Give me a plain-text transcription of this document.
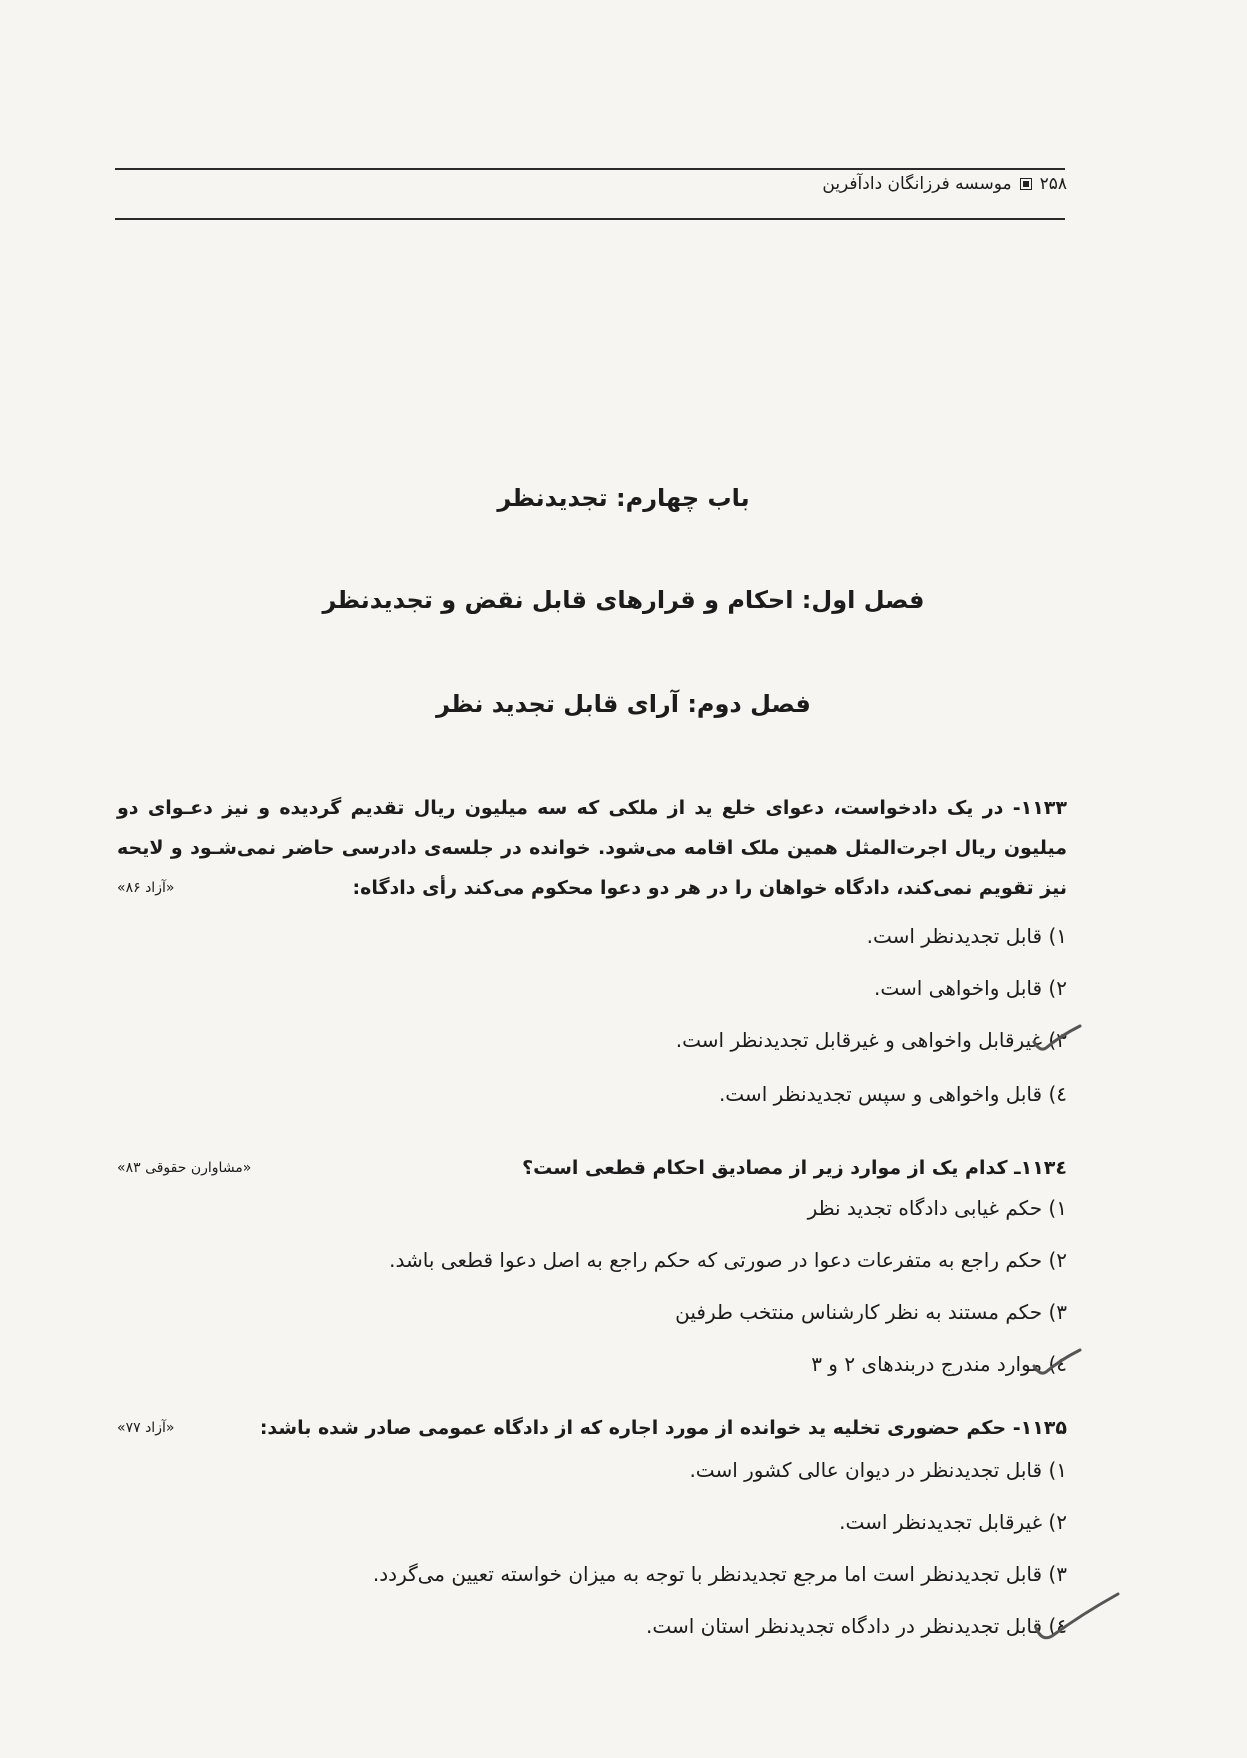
۲۵۸
موسسه فرزانگان دادآفرین
باب چهارم: تجدیدنظر
فصل اول: احکام و قرارهای قابل نقض و تجدیدنظر
فصل دوم: آرای قابل تجدید نظر
۱۱۳۳- در یک دادخواست، دعوای خلع ید از ملکی که سه میلیون ریال تقدیم گردیده و نیز دعـوای دو میلیون ریال اجرت‌المثل همین ملک اقامه می‌شود. خوانده در جلسه‌ی دادرسی حاضر نمی‌شـود و لایحه نیز تقویم نمی‌کند، دادگاه خواهان را در هر دو دعوا محکوم می‌کند رأی دادگاه:
«آزاد ۸۶»
۱) قابل تجدیدنظر است.
۲) قابل واخواهی است.
۳) غیرقابل واخواهی و غیرقابل تجدیدنظر است.
٤) قابل واخواهی و سپس تجدیدنظر است.
۱۱۳٤ـ کدام یک از موارد زیر از مصادیق احکام قطعی است؟
«مشاوارن حقوقی ۸۳»
۱) حکم غیابی دادگاه تجدید نظر
۲) حکم راجع به متفرعات دعوا در صورتی که حکم راجع به اصل دعوا قطعی باشد.
۳) حکم مستند به نظر کارشناس منتخب طرفین
٤) موارد مندرج دربندهای ۲ و ۳
۱۱۳۵- حکم حضوری تخلیه ید خوانده از مورد اجاره که از دادگاه عمومی صادر شده باشد:
«آزاد ۷۷»
۱) قابل تجدیدنظر در دیوان عالی کشور است.
۲) غیرقابل تجدیدنظر است.
۳) قابل تجدیدنظر است اما مرجع تجدیدنظر با توجه به میزان خواسته تعیین می‌گردد.
٤) قابل تجدیدنظر در دادگاه تجدیدنظر استان است.
